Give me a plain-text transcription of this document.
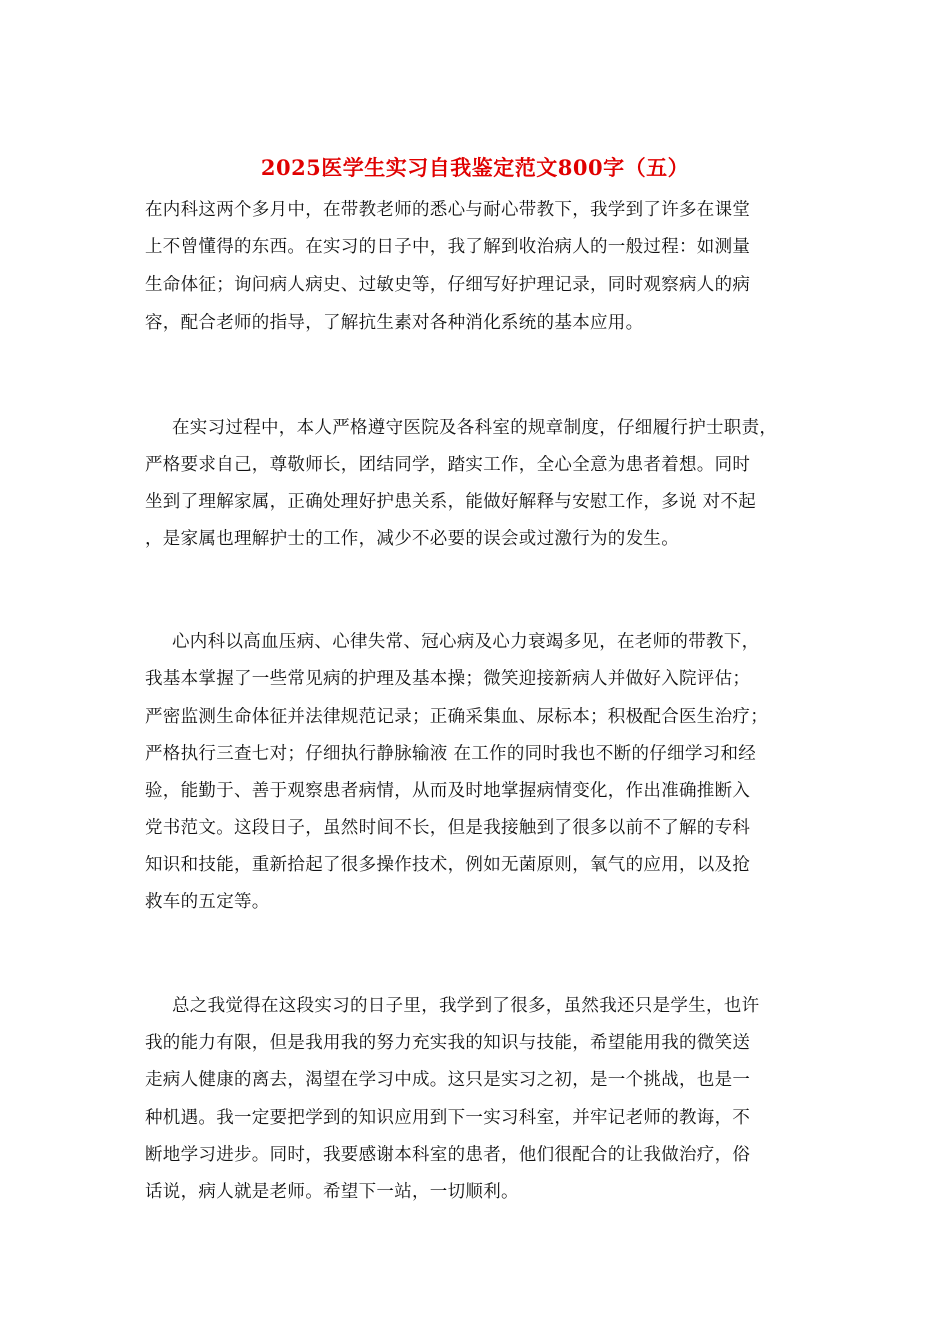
2025医学生实习自我鉴定范文800字（五）
在内科这两个多月中，在带教老师的悉心与耐心带教下，我学到了许多在课堂
上不曾懂得的东西。在实习的日子中，我了解到收治病人的一般过程：如测量
生命体征；询问病人病史、过敏史等，仔细写好护理记录，同时观察病人的病
容，配合老师的指导，了解抗生素对各种消化系统的基本应用。
在实习过程中，本人严格遵守医院及各科室的规章制度，仔细履行护士职责，
严格要求自己，尊敬师长，团结同学，踏实工作，全心全意为患者着想。同时
坐到了理解家属，正确处理好护患关系，能做好解释与安慰工作，多说 对不起
，是家属也理解护士的工作，减少不必要的误会或过激行为的发生。
心内科以高血压病、心律失常、冠心病及心力衰竭多见，在老师的带教下，
我基本掌握了一些常见病的护理及基本操；微笑迎接新病人并做好入院评估；
严密监测生命体征并法律规范记录；正确采集血、尿标本；积极配合医生治疗；
严格执行三查七对；仔细执行静脉输液 在工作的同时我也不断的仔细学习和经
验，能勤于、善于观察患者病情，从而及时地掌握病情变化，作出准确推断入
党书范文。这段日子，虽然时间不长，但是我接触到了很多以前不了解的专科
知识和技能，重新拾起了很多操作技术，例如无菌原则，氧气的应用，以及抢
救车的五定等。
总之我觉得在这段实习的日子里，我学到了很多，虽然我还只是学生，也许
我的能力有限，但是我用我的努力充实我的知识与技能，希望能用我的微笑送
走病人健康的离去，渴望在学习中成。这只是实习之初，是一个挑战，也是一
种机遇。我一定要把学到的知识应用到下一实习科室，并牢记老师的教诲，不
断地学习进步。同时，我要感谢本科室的患者，他们很配合的让我做治疗，俗
话说，病人就是老师。希望下一站，一切顺利。
